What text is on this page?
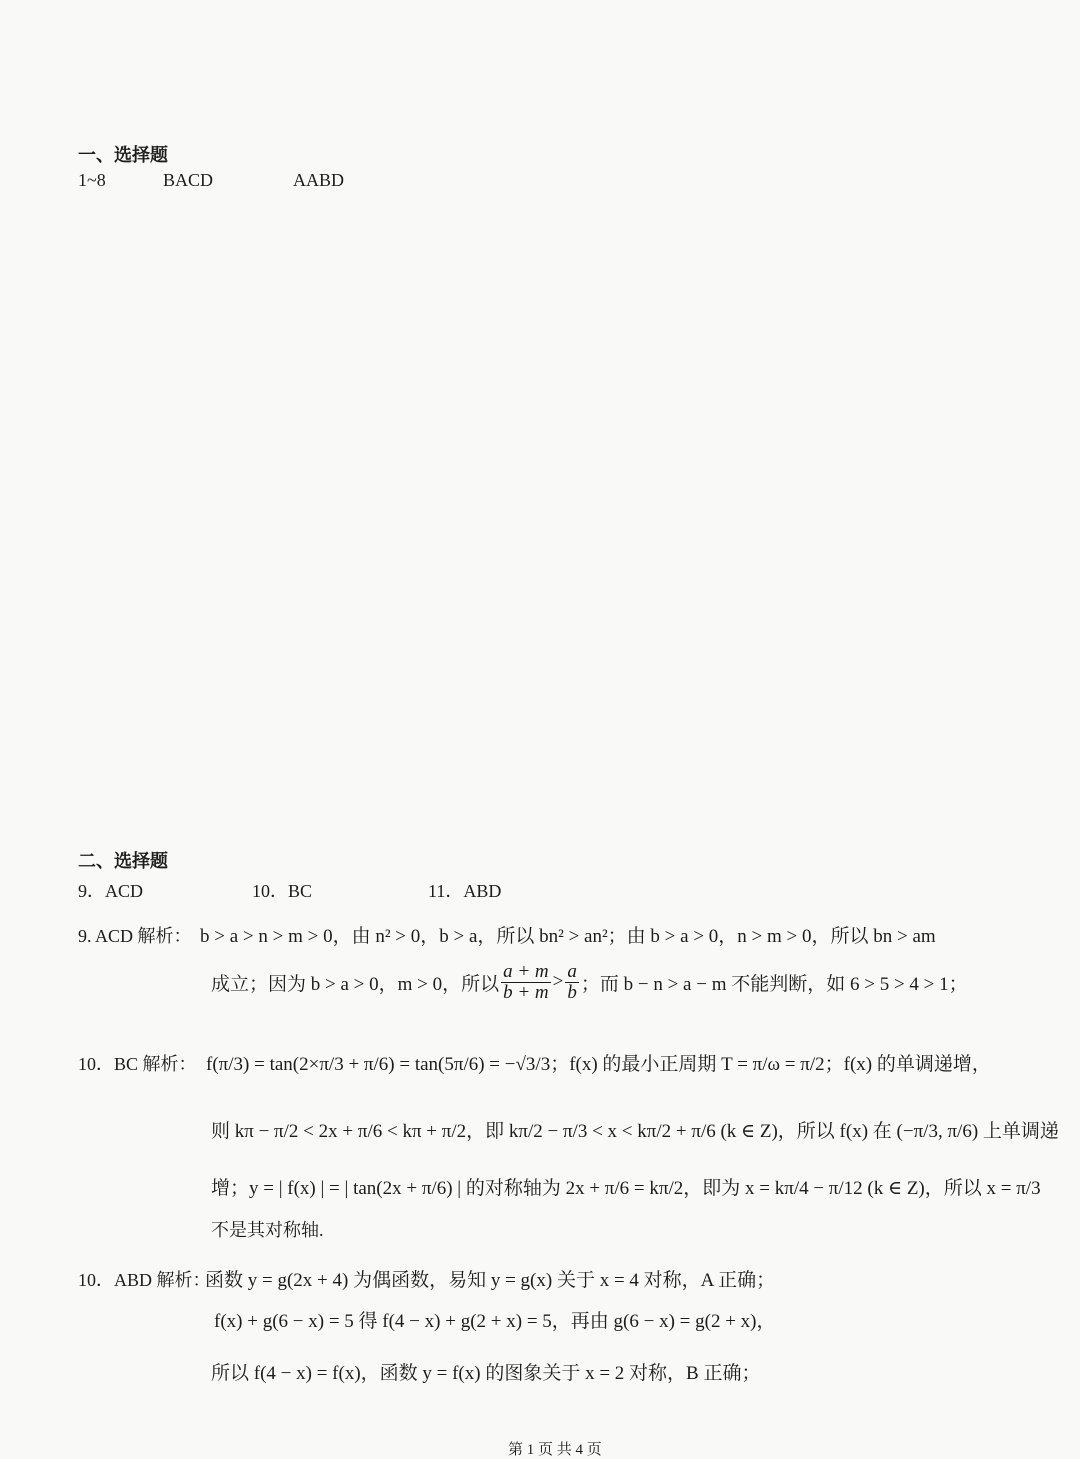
一、选择题
1~8	BACD	AABD
二、选择题
9．ACD	10．BC	11．ABD
9. ACD 解析： b > a > n > m > 0，由 n² > 0，b > a，所以 bn² > an²；由 b > a > 0，n > m > 0，所以 bn > am
成立；因为 b > a > 0，m > 0，所以 $\frac{a + m}{b + m} > \frac{a}{b}$ ；而 b − n > a − m 不能判断，如 6 > 5 > 4 > 1；
10．BC 解析： f(π/3) = tan(2×π/3 + π/6) = tan(5π/6) = −√3/3；f(x) 的最小正周期 T = π/ω = π/2；f(x) 的单调递增，
则 kπ − π/2 < 2x + π/6 < kπ + π/2，即 kπ/2 − π/3 < x < kπ/2 + π/6 (k ∈ Z)，所以 f(x) 在 (−π/3, π/6) 上单调递
增；y = | f(x) | = | tan(2x + π/6) | 的对称轴为 2x + π/6 = kπ/2，即为 x = kπ/4 − π/12 (k ∈ Z)，所以 x = π/3
不是其对称轴.
10．ABD 解析：
函数 y = g(2x + 4) 为偶函数，易知 y = g(x) 关于 x = 4 对称，A 正确；
f(x) + g(6 − x) = 5 得 f(4 − x) + g(2 + x) = 5，再由 g(6 − x) = g(2 + x)，
所以 f(4 − x) = f(x)，函数 y = f(x) 的图象关于 x = 2 对称，B 正确；
第 1 页 共 4 页
